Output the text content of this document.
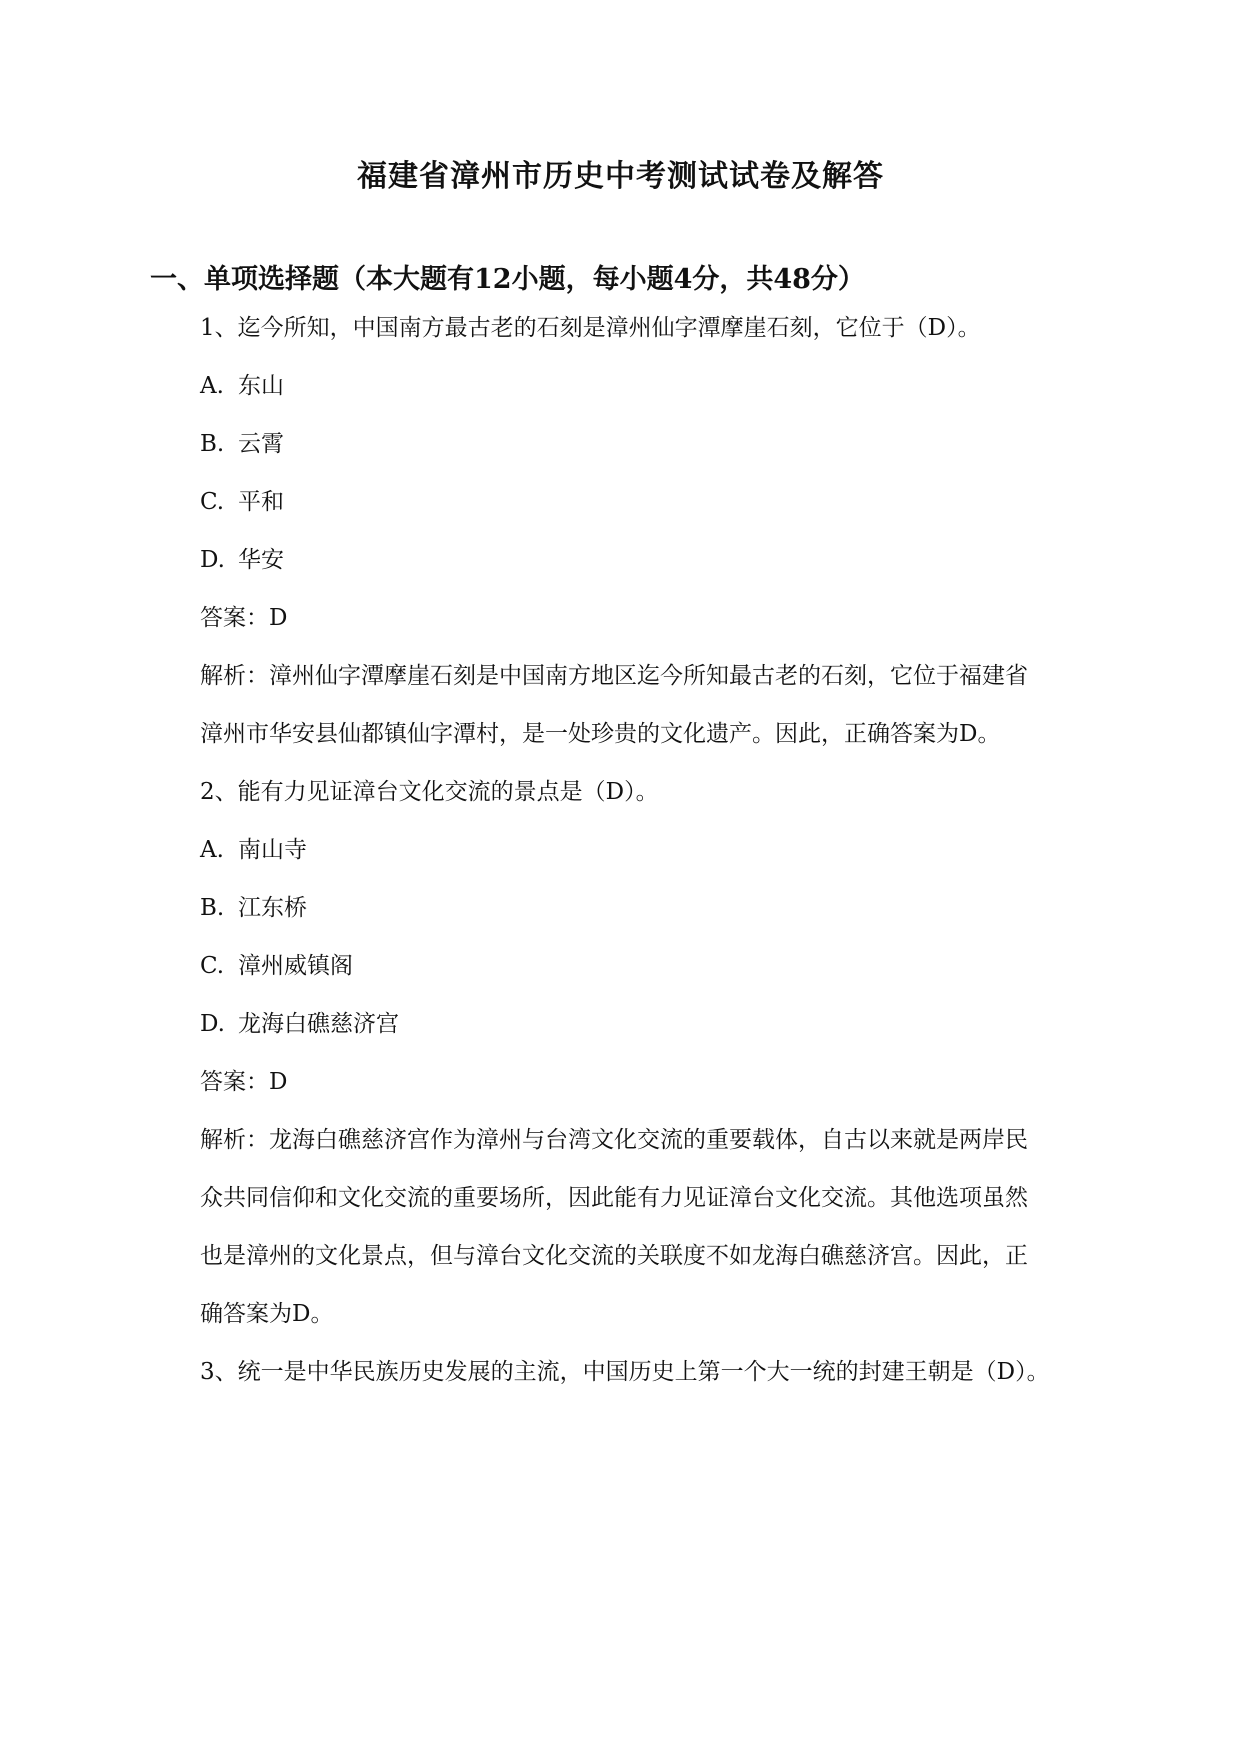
福建省漳州市历史中考测试试卷及解答
一、单项选择题（本大题有12小题，每小题4分，共48分）
1、迄今所知，中国南方最古老的石刻是漳州仙字潭摩崖石刻，它位于（D）。
A. 东山
B. 云霄
C. 平和
D. 华安
答案：D
解析：漳州仙字潭摩崖石刻是中国南方地区迄今所知最古老的石刻，它位于福建省
漳州市华安县仙都镇仙字潭村，是一处珍贵的文化遗产。因此，正确答案为D。
2、能有力见证漳台文化交流的景点是（D）。
A. 南山寺
B. 江东桥
C. 漳州威镇阁
D. 龙海白礁慈济宫
答案：D
解析：龙海白礁慈济宫作为漳州与台湾文化交流的重要载体，自古以来就是两岸民
众共同信仰和文化交流的重要场所，因此能有力见证漳台文化交流。其他选项虽然
也是漳州的文化景点，但与漳台文化交流的关联度不如龙海白礁慈济宫。因此，正
确答案为D。
3、统一是中华民族历史发展的主流，中国历史上第一个大一统的封建王朝是（D）。
